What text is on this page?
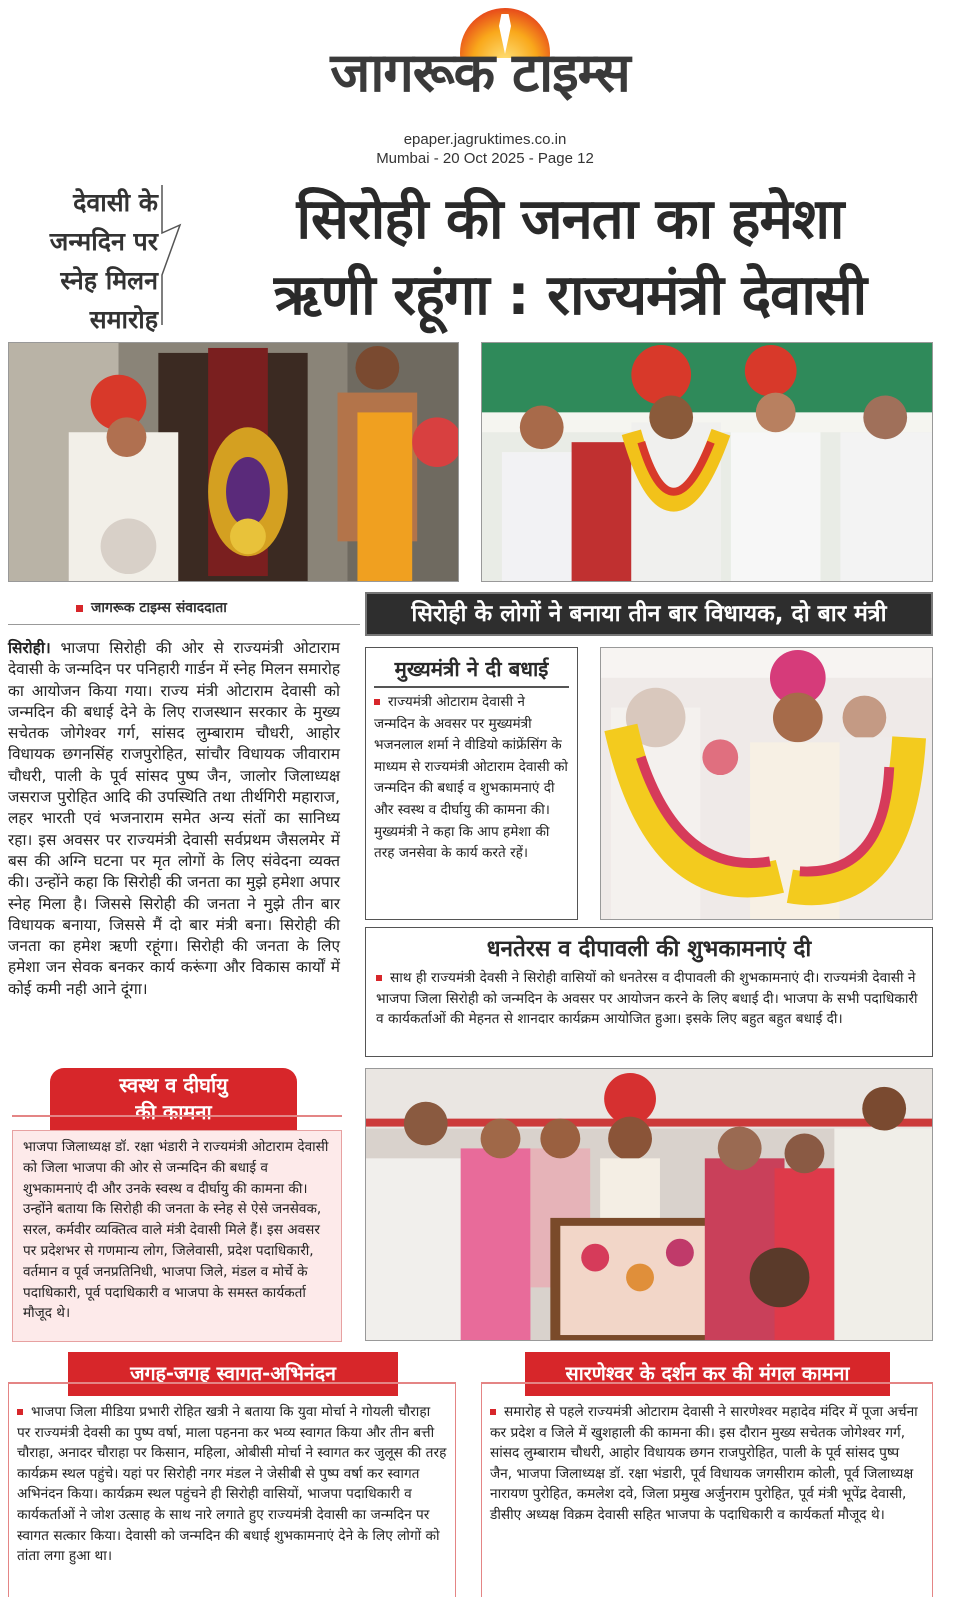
जागरूक टाइम्स
epaper.jagruktimes.co.in
Mumbai - 20 Oct 2025 - Page 12
देवासी के
जन्मदिन पर
स्नेह मिलन
समारोह
सिरोही की जनता का हमेशा
ऋणी रहूंगा : राज्यमंत्री देवासी
जागरूक टाइम्स संवाददाता
सिरोही। भाजपा सिरोही की ओर से राज्यमंत्री ओटाराम देवासी के जन्मदिन पर पनिहारी गार्डन में स्नेह मिलन समारोह का आयोजन किया गया। राज्य मंत्री ओटाराम देवासी को जन्मदिन की बधाई देने के लिए राजस्थान सरकार के मुख्य सचेतक जोगेश्वर गर्ग, सांसद लुम्बाराम चौधरी, आहोर विधायक छगनसिंह राजपुरोहित, सांचौर विधायक जीवाराम चौधरी, पाली के पूर्व सांसद पुष्प जैन, जालोर जिलाध्यक्ष जसराज पुरोहित आदि की उपस्थिति तथा तीर्थगिरी महाराज, लहर भारती एवं भजनाराम समेत अन्य संतों का सानिध्य रहा। इस अवसर पर राज्यमंत्री देवासी सर्वप्रथम जैसलमेर में बस की अग्नि घटना पर मृत लोगों के लिए संवेदना व्यक्त की। उन्होंने कहा कि सिरोही की जनता का मुझे हमेशा अपार स्नेह मिला है। जिससे सिरोही की जनता ने मुझे तीन बार विधायक बनाया, जिससे मैं दो बार मंत्री बना। सिरोही की जनता का हमेश ऋणी रहूंगा। सिरोही की जनता के लिए हमेशा जन सेवक बनकर कार्य करूंगा और विकास कार्यों में कोई कमी नही आने दूंगा।
सिरोही के लोगों ने बनाया तीन बार विधायक, दो बार मंत्री
मुख्यमंत्री ने दी बधाई
राज्यमंत्री ओटाराम देवासी ने जन्मदिन के अवसर पर मुख्यमंत्री भजनलाल शर्मा ने वीडियो कांफ्रेंसिंग के माध्यम से राज्यमंत्री ओटाराम देवासी को जन्मदिन की बधाई व शुभकामनाएं दी और स्वस्थ व दीर्घायु की कामना की। मुख्यमंत्री ने कहा कि आप हमेशा की तरह जनसेवा के कार्य करते रहें।
धनतेरस व दीपावली की शुभकामनाएं दी
साथ ही राज्यमंत्री देवसी ने सिरोही वासियों को धनतेरस व दीपावली की शुभकामनाएं दी। राज्यमंत्री देवासी ने भाजपा जिला सिरोही को जन्मदिन के अवसर पर आयोजन करने के लिए बधाई दी। भाजपा के सभी पदाधिकारी व कार्यकर्ताओं की मेहनत से शानदार कार्यक्रम आयोजित हुआ। इसके लिए बहुत बहुत बधाई दी।
स्वस्थ व दीर्घायु
की कामना
भाजपा जिलाध्यक्ष डॉ. रक्षा भंडारी ने राज्यमंत्री ओटाराम देवासी को जिला भाजपा की ओर से जन्मदिन की बधाई व शुभकामनाएं दी और उनके स्वस्थ व दीर्घायु की कामना की। उन्होंने बताया कि सिरोही की जनता के स्नेह से ऐसे जनसेवक, सरल, कर्मवीर व्यक्तित्व वाले मंत्री देवासी मिले हैं। इस अवसर पर प्रदेशभर से गणमान्य लोग, जिलेवासी, प्रदेश पदाधिकारी, वर्तमान व पूर्व जनप्रतिनिधी, भाजपा जिले, मंडल व मोर्चे के पदाधिकारी, पूर्व पदाधिकारी व भाजपा के समस्त कार्यकर्ता मौजूद थे।
जगह-जगह स्वागत-अभिनंदन
भाजपा जिला मीडिया प्रभारी रोहित खत्री ने बताया कि युवा मोर्चा ने गोयली चौराहा पर राज्यमंत्री देवसी का पुष्प वर्षा, माला पहनना कर भव्य स्वागत किया और तीन बत्ती चौराहा, अनादर चौराहा पर किसान, महिला, ओबीसी मोर्चा ने स्वागत कर जुलूस की तरह कार्यक्रम स्थल पहुंचे। यहां पर सिरोही नगर मंडल ने जेसीबी से पुष्प वर्षा कर स्वागत अभिनंदन किया। कार्यक्रम स्थल पहुंचने ही सिरोही वासियों, भाजपा पदाधिकारी व कार्यकर्ताओं ने जोश उत्साह के साथ नारे लगाते हुए राज्यमंत्री देवासी का जन्मदिन पर स्वागत सत्कार किया। देवासी को जन्मदिन की बधाई शुभकामनाएं देने के लिए लोगों को तांता लगा हुआ था।
सारणेश्वर के दर्शन कर की मंगल कामना
समारोह से पहले राज्यमंत्री ओटाराम देवासी ने सारणेश्वर महादेव मंदिर में पूजा अर्चना कर प्रदेश व जिले में खुशहाली की कामना की। इस दौरान मुख्य सचेतक जोगेश्वर गर्ग, सांसद लुम्बाराम चौधरी, आहोर विधायक छगन राजपुरोहित, पाली के पूर्व सांसद पुष्प जैन, भाजपा जिलाध्यक्ष डॉ. रक्षा भंडारी, पूर्व विधायक जगसीराम कोली, पूर्व जिलाध्यक्ष नारायण पुरोहित, कमलेश दवे, जिला प्रमुख अर्जुनराम पुरोहित, पूर्व मंत्री भूपेंद्र देवासी, डीसीए अध्यक्ष विक्रम देवासी सहित भाजपा के पदाधिकारी व कार्यकर्ता मौजूद थे।
